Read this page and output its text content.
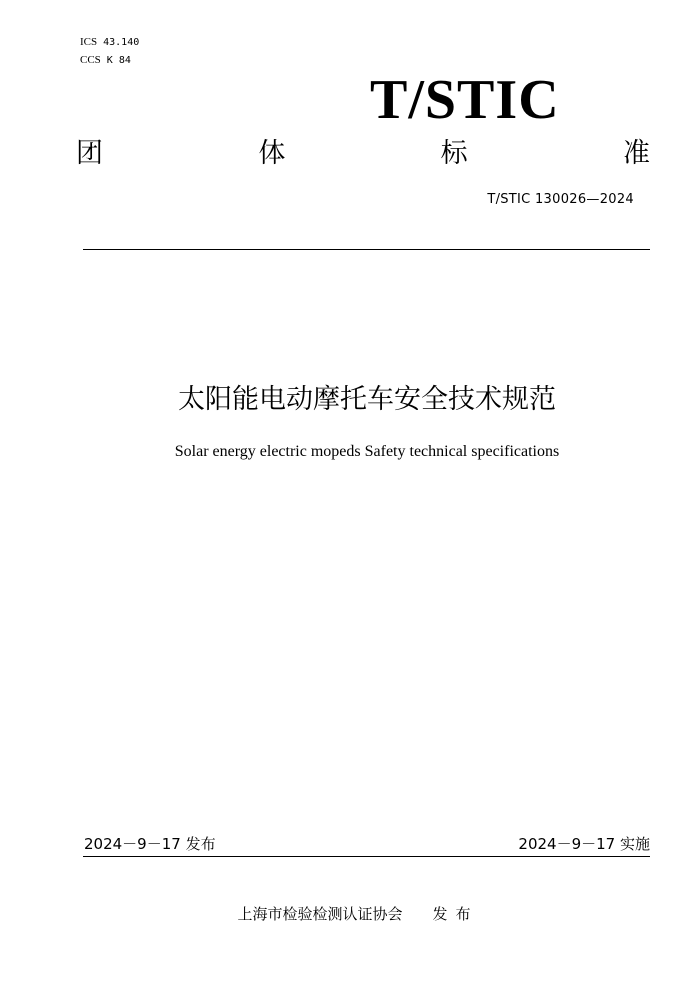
ICS 43.140
CCS K 84
T/STIC
团	体	标	准
T/STIC 130026—2024
太阳能电动摩托车安全技术规范
Solar energy electric mopeds Safety technical specifications
2024－9－17 发布	2024－9－17 实施
上海市检验检测认证协会 发布
